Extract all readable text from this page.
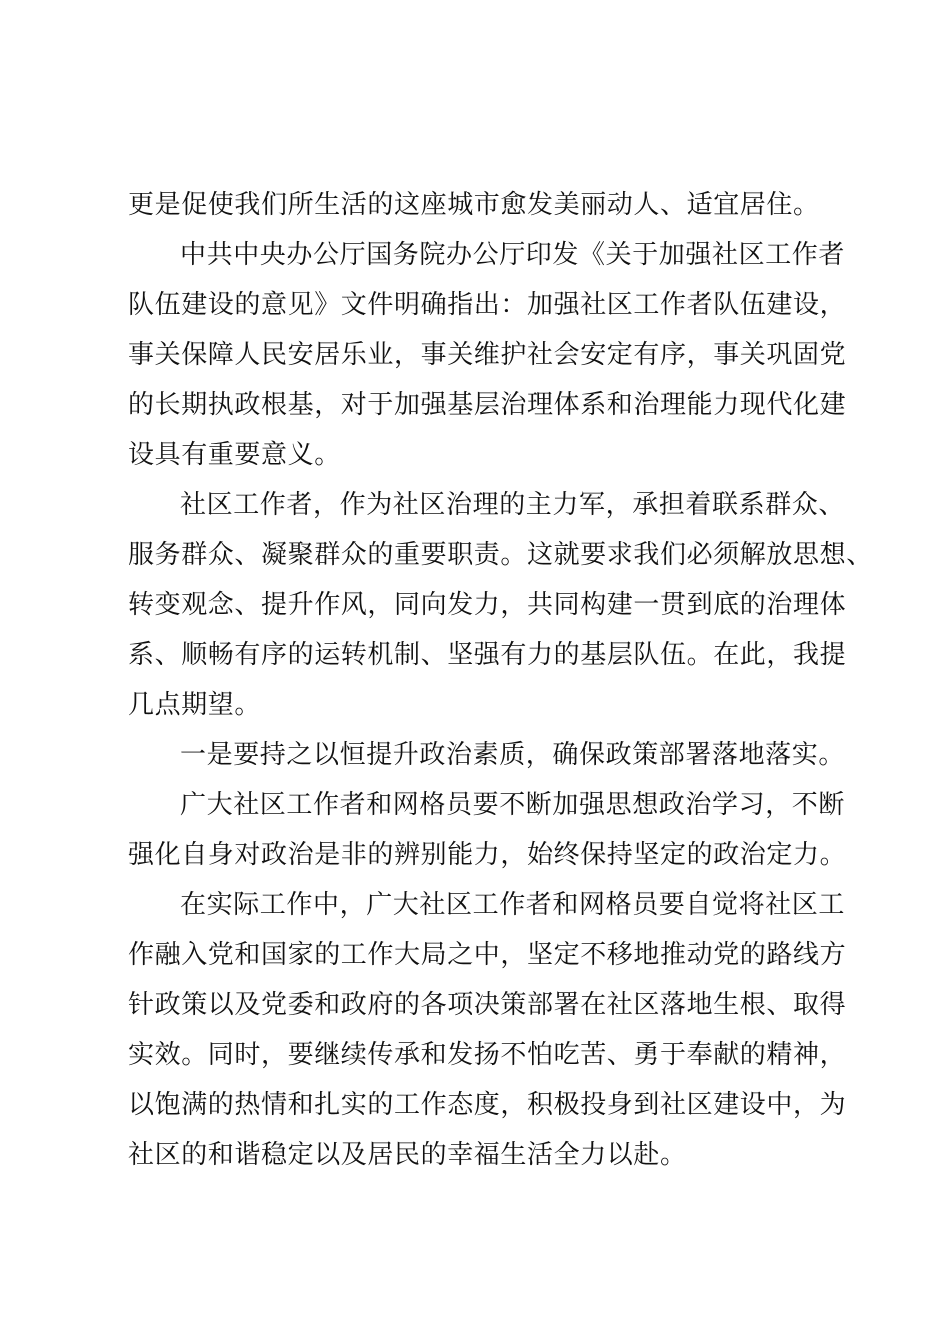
更是促使我们所生活的这座城市愈发美丽动人、适宜居住。
中共中央办公厅国务院办公厅印发《关于加强社区工作者
队伍建设的意见》文件明确指出：加强社区工作者队伍建设，
事关保障人民安居乐业，事关维护社会安定有序，事关巩固党
的长期执政根基，对于加强基层治理体系和治理能力现代化建
设具有重要意义。
社区工作者，作为社区治理的主力军，承担着联系群众、
服务群众、凝聚群众的重要职责。这就要求我们必须解放思想、
转变观念、提升作风，同向发力，共同构建一贯到底的治理体
系、顺畅有序的运转机制、坚强有力的基层队伍。在此，我提
几点期望。
一是要持之以恒提升政治素质，确保政策部署落地落实。
广大社区工作者和网格员要不断加强思想政治学习，不断
强化自身对政治是非的辨别能力，始终保持坚定的政治定力。
在实际工作中，广大社区工作者和网格员要自觉将社区工
作融入党和国家的工作大局之中，坚定不移地推动党的路线方
针政策以及党委和政府的各项决策部署在社区落地生根、取得
实效。同时，要继续传承和发扬不怕吃苦、勇于奉献的精神，
以饱满的热情和扎实的工作态度，积极投身到社区建设中，为
社区的和谐稳定以及居民的幸福生活全力以赴。
